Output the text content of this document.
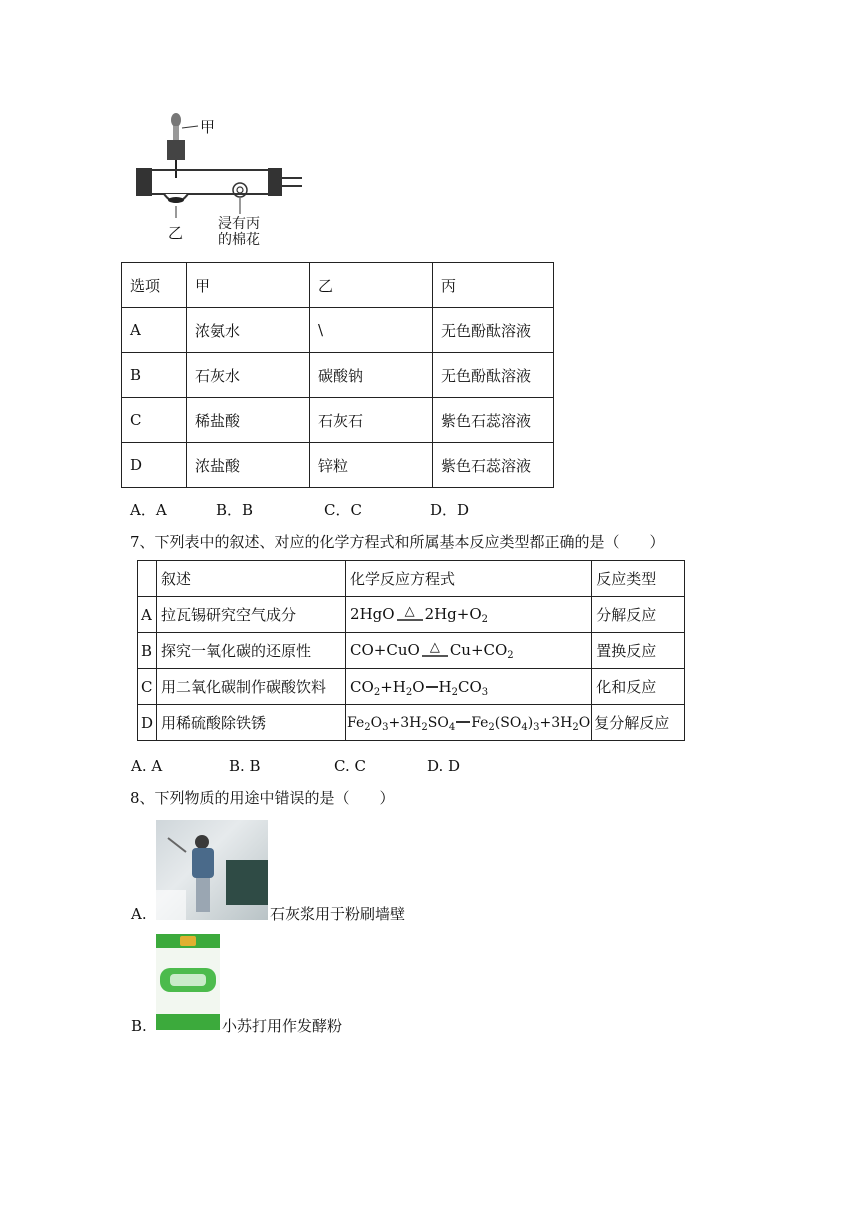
甲
乙 浸有丙
的棉花
选项	甲	乙	丙
A	浓氨水	\	无色酚酞溶液
B	石灰水	碳酸钠	无色酚酞溶液
C	稀盐酸	石灰石	紫色石蕊溶液
D	浓盐酸	锌粒	紫色石蕊溶液
A．A	B．B	C．C	D．D
7、下列表中的叙述、对应的化学方程式和所属基本反应类型都正确的是（　　）
	叙述	化学反应方程式	反应类型
A	拉瓦锡研究空气成分	2HgO △ $2Hg+O_2$	分解反应
B	探究一氧化碳的还原性	CO+CuO △ $Cu+CO_2$	置换反应
C	用二氧化碳制作碳酸饮料	$CO_2+H_2O$ $H_2CO_3$	化和反应
D	用稀硫酸除铁锈	$Fe_2O_3+3H_2SO_4$ $Fe_2(SO_4)_3+3H_2O$	复分解反应
A. A	B. B	C. C	D. D
8、下列物质的用途中错误的是（　　）
A.	石灰浆用于粉刷墙壁
B.	小苏打用作发酵粉
